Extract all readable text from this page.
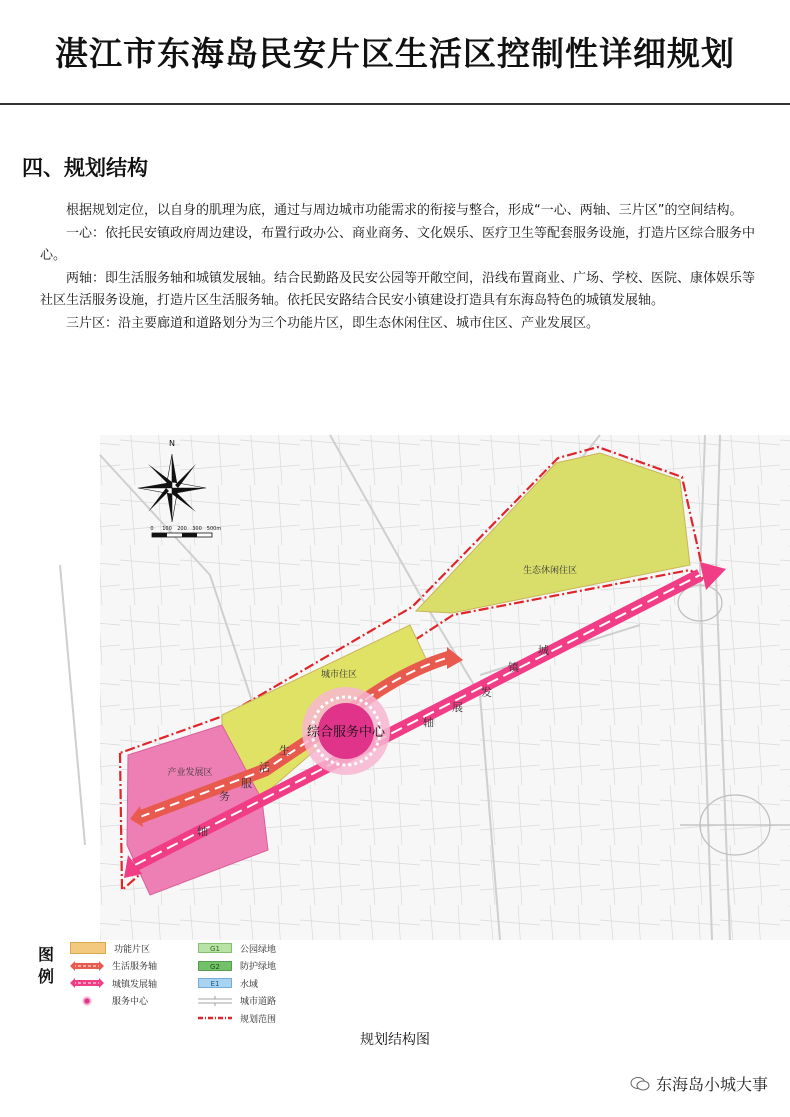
湛江市东海岛民安片区生活区控制性详细规划
四、规划结构

根据规划定位，以自身的肌理为底，通过与周边城市功能需求的衔接与整合，形成“一心、两轴、三片区”的空间结构。

一心：依托民安镇政府周边建设，布置行政办公、商业商务、文化娱乐、医疗卫生等配套服务设施，打造片区综合服务中心。

两轴：即生活服务轴和城镇发展轴。结合民勤路及民安公园等开敞空间，沿线布置商业、广场、学校、医院、康体娱乐等社区生活服务设施，打造片区生活服务轴。依托民安路结合民安小镇建设打造具有东海岛特色的城镇发展轴。

三片区：沿主要廊道和道路划分为三个功能片区，即生态休闲住区、城市住区、产业发展区。

综合服务中心
生态休闲住区
城市住区
产业发展区
轴
务
服
活
生
轴
展
发
镇
城
N
0 100 200 300 500m
图例
功能片区
生活服务轴
城镇发展轴
服务中心
G1 公园绿地
G2 防护绿地
E1 水域
城市道路
规划范围
规划结构图
东海岛小城大事
